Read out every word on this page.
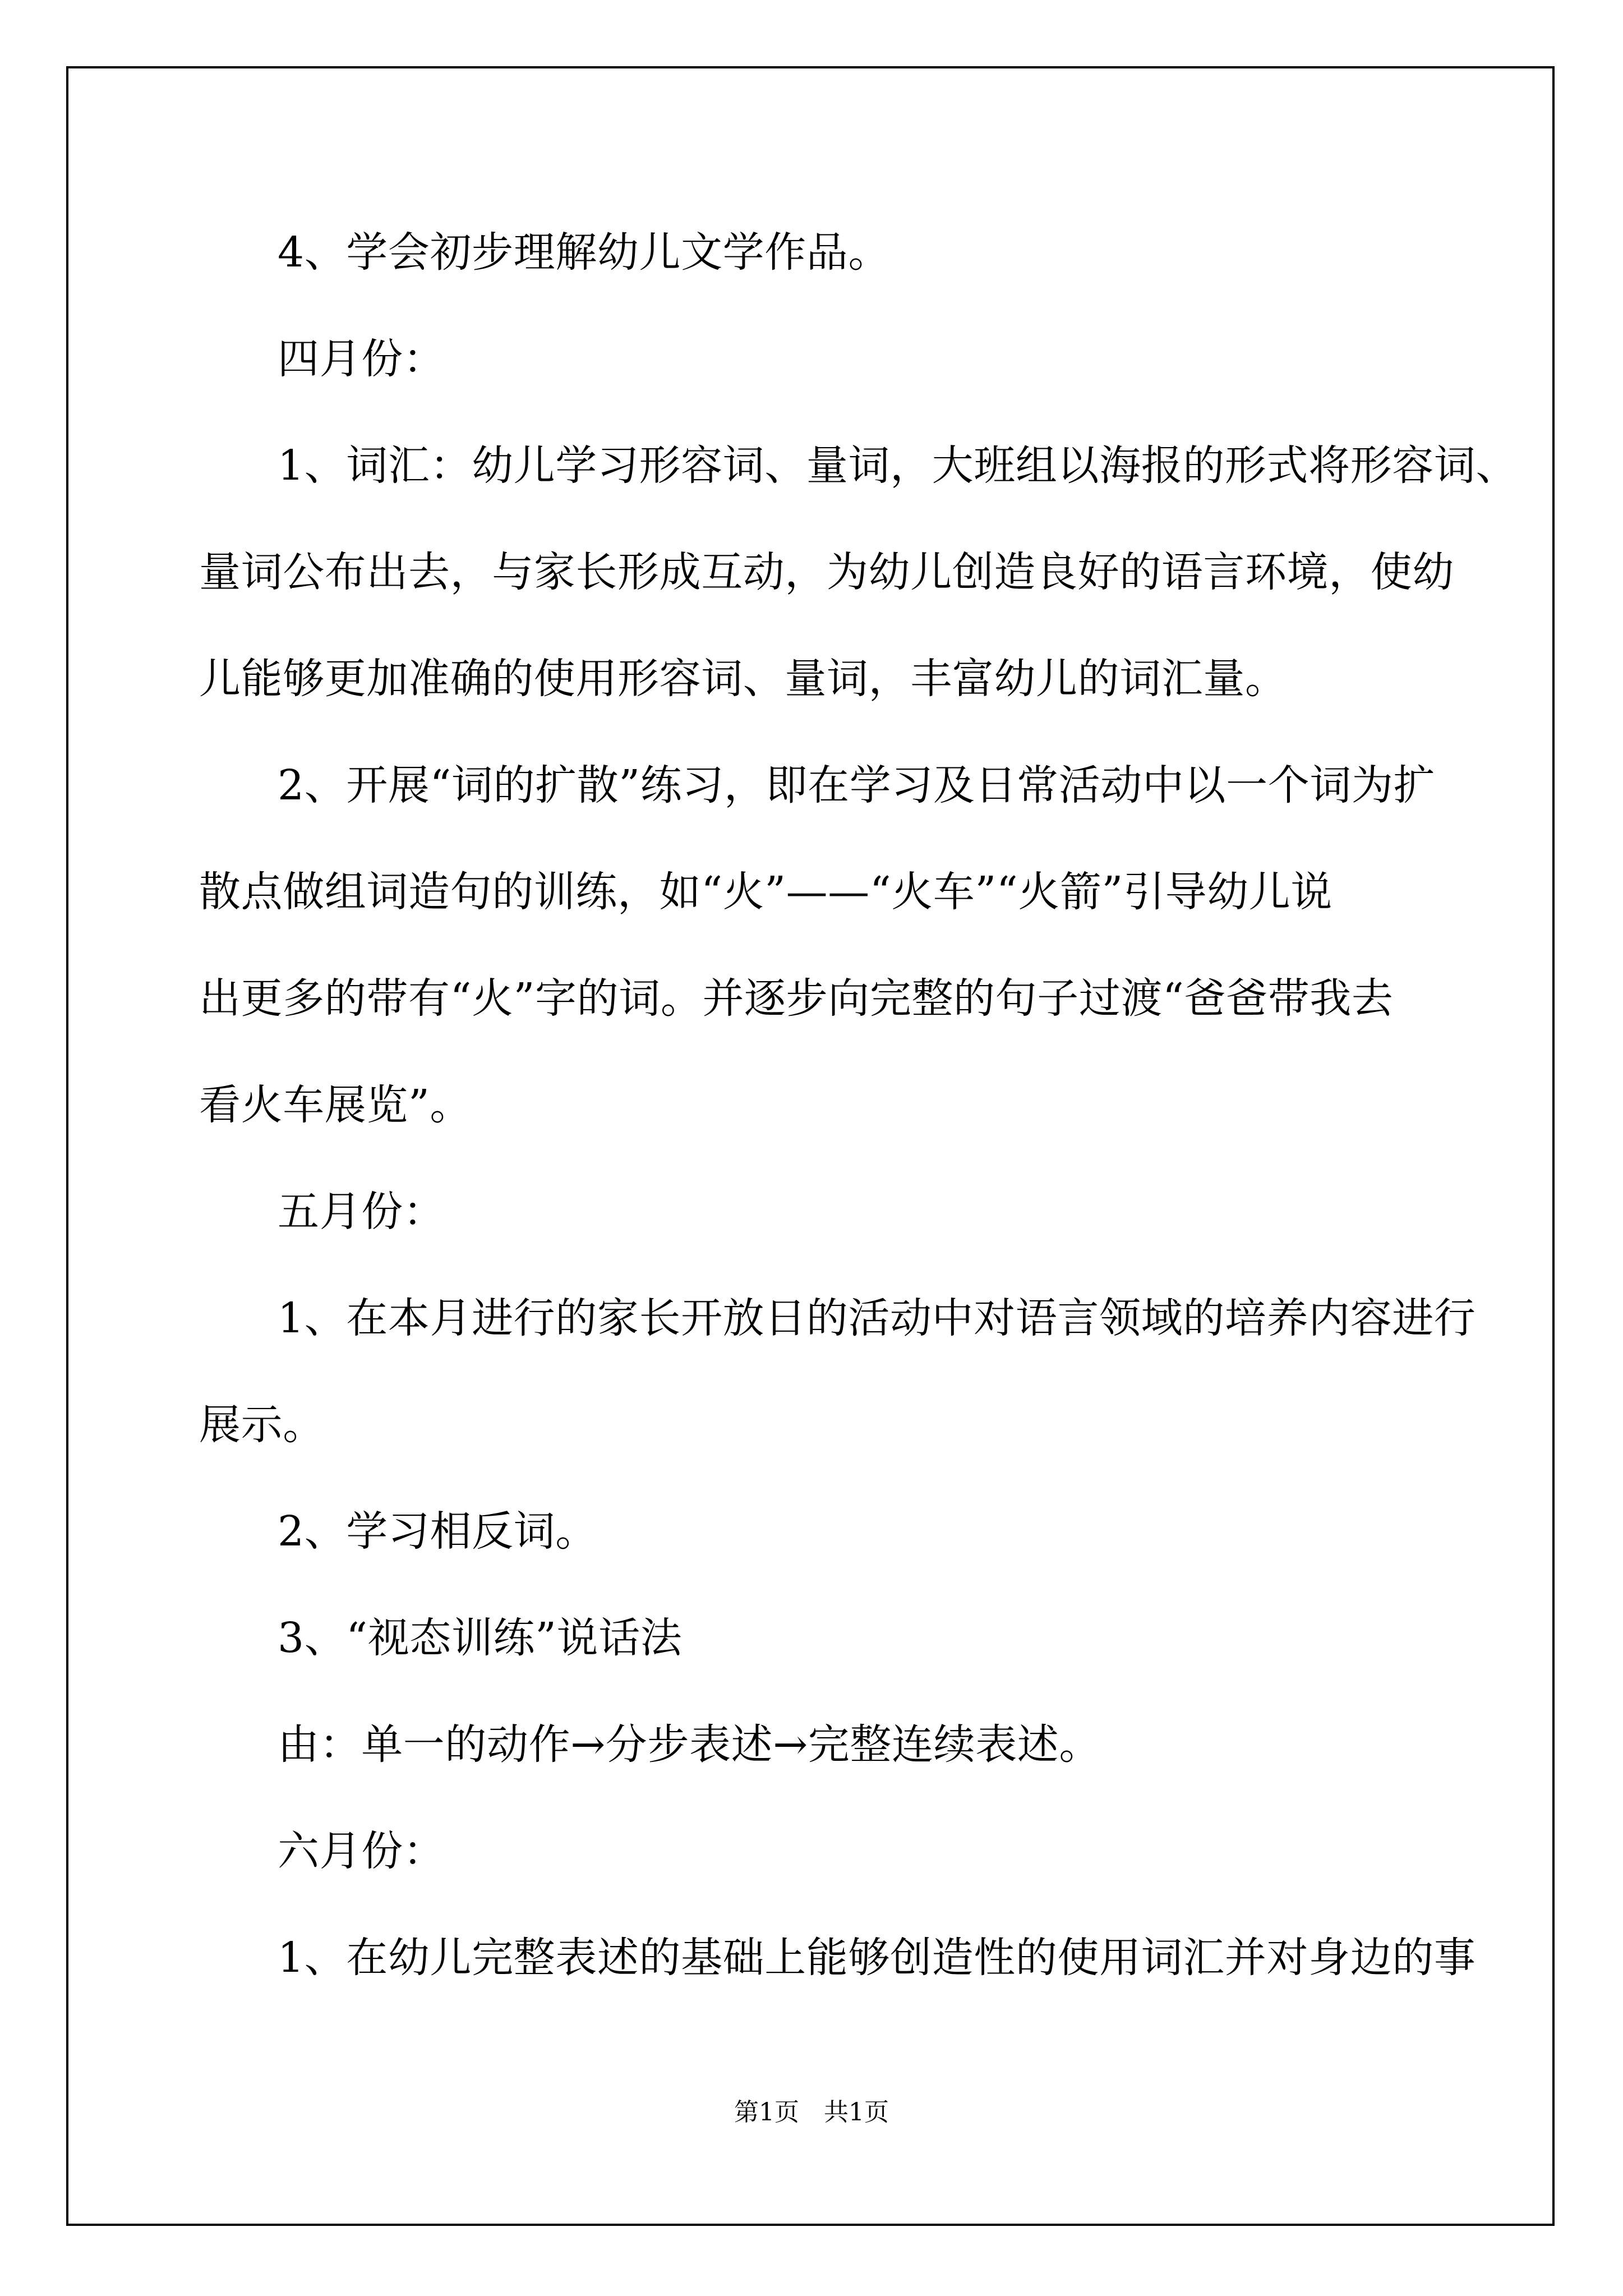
4、学会初步理解幼儿文学作品。
四月份：
1、词汇：幼儿学习形容词、量词，大班组以海报的形式将形容词、
量词公布出去，与家长形成互动，为幼儿创造良好的语言环境，使幼
儿能够更加准确的使用形容词、量词，丰富幼儿的词汇量。
2、开展“词的扩散”练习，即在学习及日常活动中以一个词为扩
散点做组词造句的训练，如“火”——“火车”“火箭”引导幼儿说
出更多的带有“火”字的词。并逐步向完整的句子过渡“爸爸带我去
看火车展览”。
五月份：
1、在本月进行的家长开放日的活动中对语言领域的培养内容进行
展示。
2、学习相反词。
3、“视态训练”说话法
由：单一的动作→分步表述→完整连续表述。
六月份：
1、在幼儿完整表述的基础上能够创造性的使用词汇并对身边的事
第1页　共1页
